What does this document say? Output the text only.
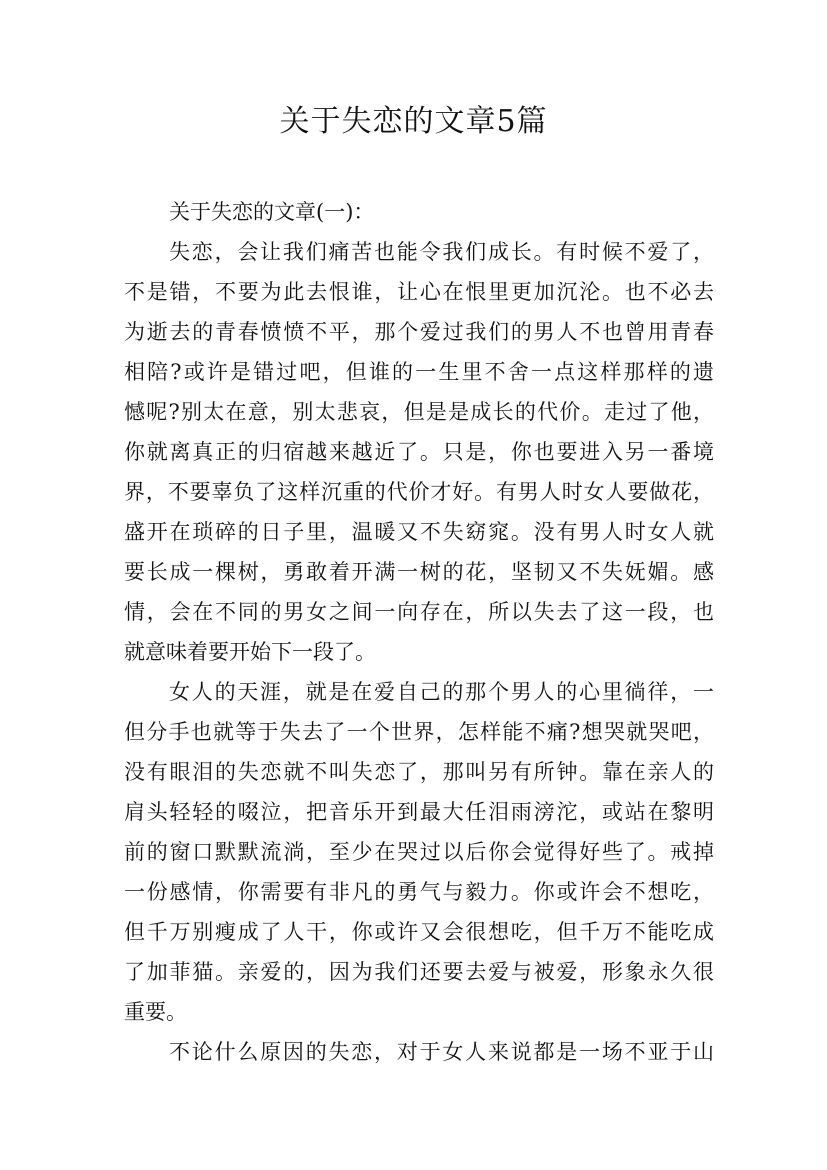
关于失恋的文章5篇

关于失恋的文章(一)：

失恋，会让我们痛苦也能令我们成长。有时候不爱了，

不是错，不要为此去恨谁，让心在恨里更加沉沦。也不必去

为逝去的青春愤愤不平，那个爱过我们的男人不也曾用青春

相陪?或许是错过吧，但谁的一生里不舍一点这样那样的遗

憾呢?别太在意，别太悲哀，但是是成长的代价。走过了他，

你就离真正的归宿越来越近了。只是，你也要进入另一番境

界，不要辜负了这样沉重的代价才好。有男人时女人要做花，

盛开在琐碎的日子里，温暖又不失窈窕。没有男人时女人就

要长成一棵树，勇敢着开满一树的花，坚韧又不失妩媚。感

情，会在不同的男女之间一向存在，所以失去了这一段，也

就意味着要开始下一段了。

女人的天涯，就是在爱自己的那个男人的心里徜徉，一

但分手也就等于失去了一个世界，怎样能不痛?想哭就哭吧，

没有眼泪的失恋就不叫失恋了，那叫另有所钟。靠在亲人的

肩头轻轻的啜泣，把音乐开到最大任泪雨滂沱，或站在黎明

前的窗口默默流淌，至少在哭过以后你会觉得好些了。戒掉

一份感情，你需要有非凡的勇气与毅力。你或许会不想吃，

但千万别瘦成了人干，你或许又会很想吃，但千万不能吃成

了加菲猫。亲爱的，因为我们还要去爱与被爱，形象永久很

重要。

不论什么原因的失恋，对于女人来说都是一场不亚于山
